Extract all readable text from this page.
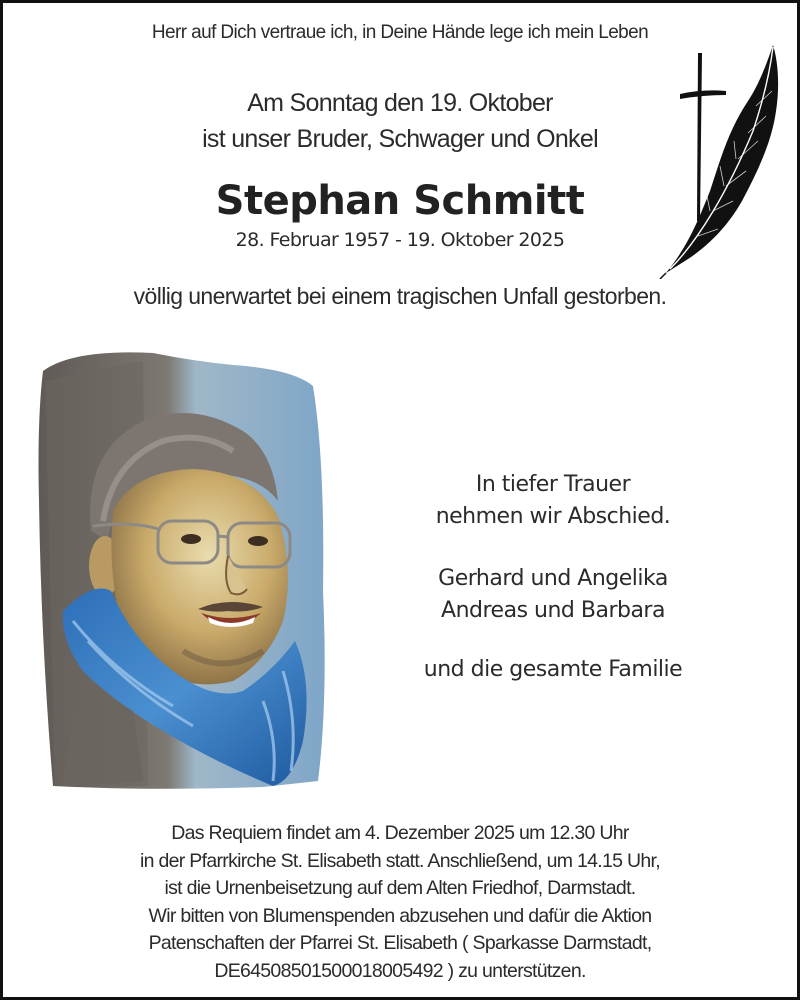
Herr auf Dich vertraue ich, in Deine Hände lege ich mein Leben
Am Sonntag den 19. Oktober
ist unser Bruder, Schwager und Onkel
Stephan Schmitt
28. Februar 1957 - 19. Oktober 2025
völlig unerwartet bei einem tragischen Unfall gestorben.
In tiefer Trauer
nehmen wir Abschied.
Gerhard und Angelika
Andreas und Barbara
und die gesamte Familie
Das Requiem findet am 4. Dezember 2025 um 12.30 Uhr
in der Pfarrkirche St. Elisabeth statt. Anschließend, um 14.15 Uhr,
ist die Urnenbeisetzung auf dem Alten Friedhof, Darmstadt.
Wir bitten von Blumenspenden abzusehen und dafür die Aktion
Patenschaften der Pfarrei St. Elisabeth ( Sparkasse Darmstadt,
DE64508501500018005492 ) zu unterstützen.
